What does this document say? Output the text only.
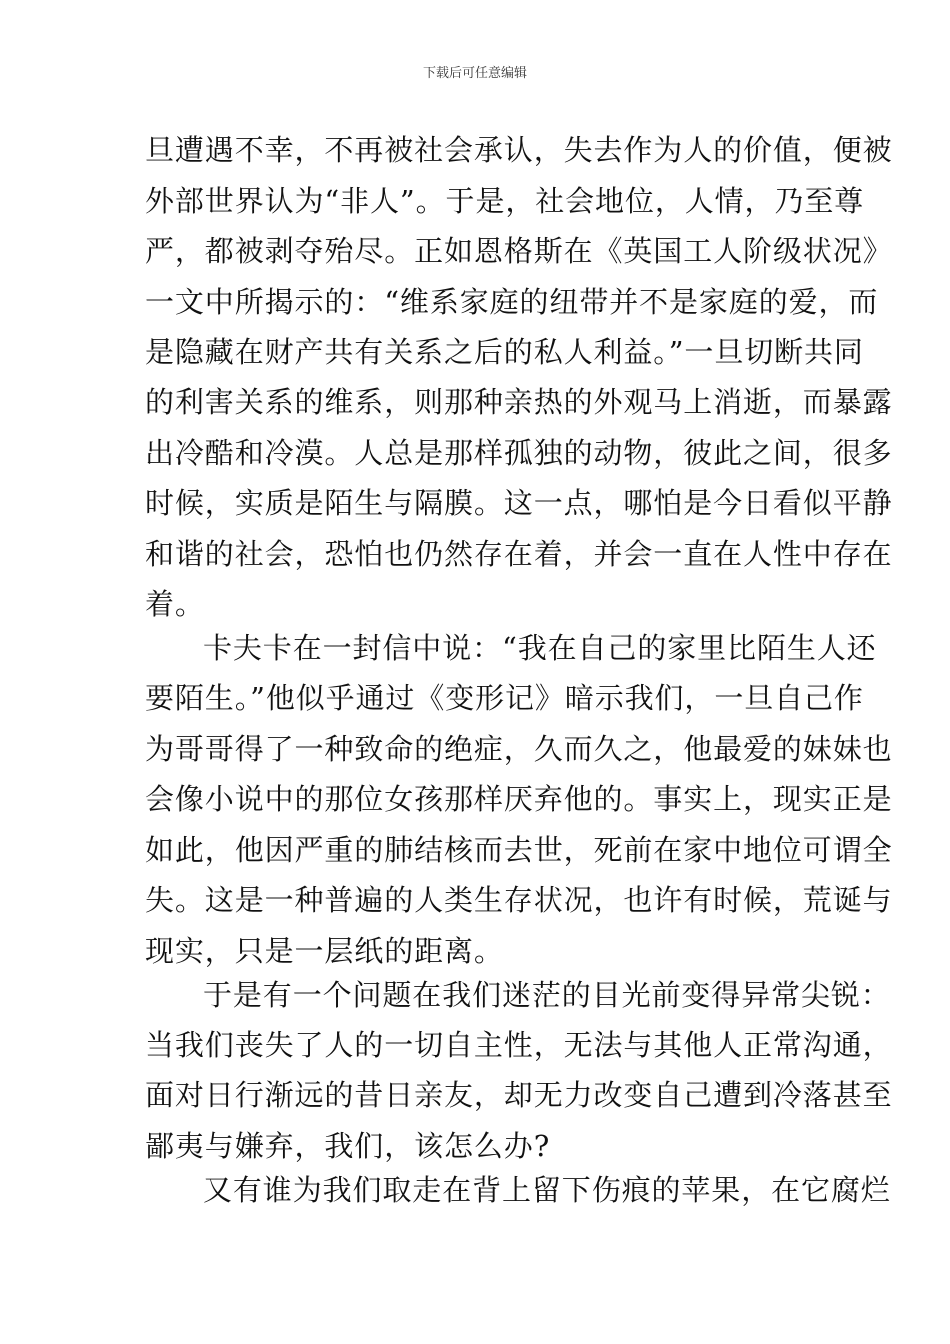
下载后可任意编辑
旦遭遇不幸，不再被社会承认，失去作为人的价值，便被
外部世界认为“非人”。于是，社会地位，人情，乃至尊
严，都被剥夺殆尽。正如恩格斯在《英国工人阶级状况》
一文中所揭示的：“维系家庭的纽带并不是家庭的爱，而
是隐藏在财产共有关系之后的私人利益。”一旦切断共同
的利害关系的维系，则那种亲热的外观马上消逝，而暴露
出冷酷和冷漠。人总是那样孤独的动物，彼此之间，很多
时候，实质是陌生与隔膜。这一点，哪怕是今日看似平静
和谐的社会，恐怕也仍然存在着，并会一直在人性中存在
着。
卡夫卡在一封信中说：“我在自己的家里比陌生人还
要陌生。”他似乎通过《变形记》暗示我们，一旦自己作
为哥哥得了一种致命的绝症，久而久之，他最爱的妹妹也
会像小说中的那位女孩那样厌弃他的。事实上，现实正是
如此，他因严重的肺结核而去世，死前在家中地位可谓全
失。这是一种普遍的人类生存状况，也许有时候，荒诞与
现实，只是一层纸的距离。
于是有一个问题在我们迷茫的目光前变得异常尖锐：
当我们丧失了人的一切自主性，无法与其他人正常沟通，
面对日行渐远的昔日亲友，却无力改变自己遭到冷落甚至
鄙夷与嫌弃，我们，该怎么办?
又有谁为我们取走在背上留下伤痕的苹果，在它腐烂
